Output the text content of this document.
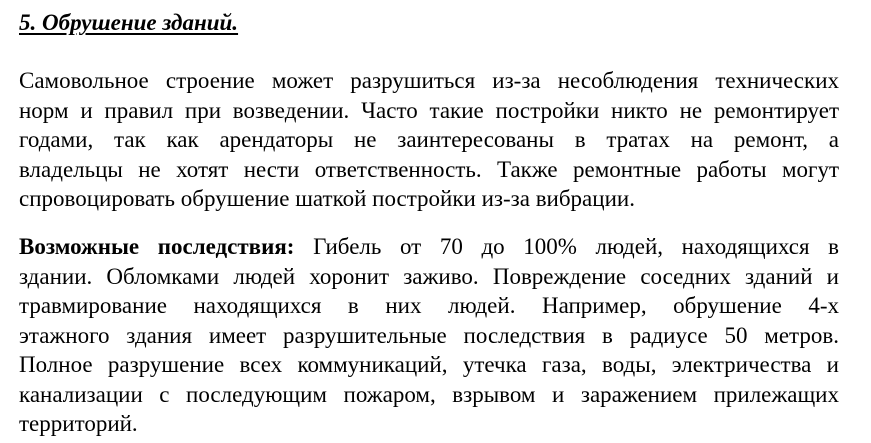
5. Обрушение зданий.
Самовольное строение может разрушиться из-за несоблюдения технических
норм и правил при возведении. Часто такие постройки никто не ремонтирует
годами, так как арендаторы не заинтересованы в тратах на ремонт, а
владельцы не хотят нести ответственность. Также ремонтные работы могут
спровоцировать обрушение шаткой постройки из-за вибрации.
Возможные последствия: Гибель от 70 до 100% людей, находящихся в
здании. Обломками людей хоронит заживо. Повреждение соседних зданий и
травмирование находящихся в них людей. Например, обрушение 4-х
этажного здания имеет разрушительные последствия в радиусе 50 метров.
Полное разрушение всех коммуникаций, утечка газа, воды, электричества и
канализации с последующим пожаром, взрывом и заражением прилежащих
территорий.
